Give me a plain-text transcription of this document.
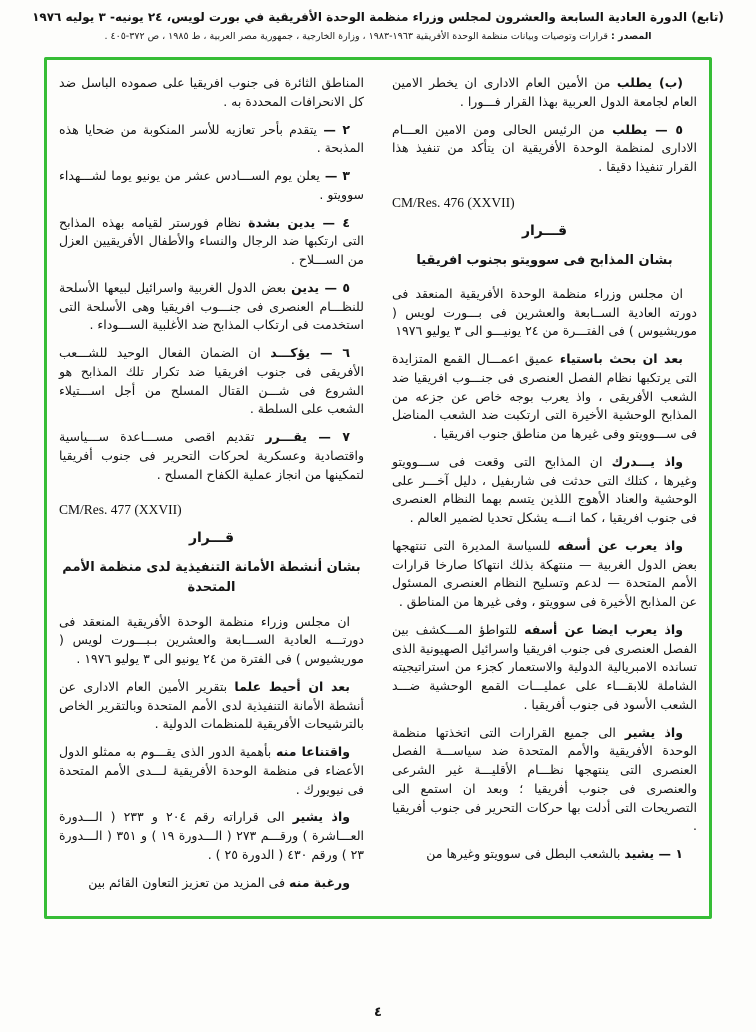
(تابع) الدورة العادية السابعة والعشرون لمجلس وزراء منظمة الوحدة الأفريقية في بورت لويس، ٢٤ يونيه- ٣ يوليه ١٩٧٦
المصدر : قرارات وتوصيات وبيانات منظمة الوحدة الأفريقية ١٩٦٣-١٩٨٣ ، وزارة الخارجية ، جمهورية مصر العربية ، ط ١٩٨٥ ، ص ٣٧٢-٤٠٥ .

(ب) يطلب من الأمين العام الادارى ان يخطر الامين العام لجامعة الدول العربية بهذا القرار فـــورا .

٥ — يطلب من الرئيس الحالى ومن الامين العـــام الادارى لمنظمة الوحدة الأفريقية ان يتأكد من تنفيذ هذا القرار تنفيذا دقيقا .

CM/Res. 476 (XXVII)
قـــرار
بشان المذابح فى سوويتو بجنوب افريقيا

ان مجلس وزراء منظمة الوحدة الأفريقية المنعقد فى دورته العادية الســابعة والعشرين فى بـــورت لويس ( موريشيوس ) فى الفتـــرة من ٢٤ يونيـــو الى ٣ يوليو ١٩٧٦

بعد ان بحث باستياء عميق اعمـــال القمع المتزايدة التى يرتكبها نظام الفصل العنصرى فى جنـــوب افريقيا ضد الشعب الأفريقى ، واذ يعرب بوجه خاص عن جزعه من المذابح الوحشية الأخيرة التى ارتكبت ضد الشعب المناضل فى ســـوويتو وفى غيرها من مناطق جنوب افريقيا .

واذ يـــدرك ان المذابح التى وقعت فى ســـوويتو وغيرها ، كتلك التى حدثت فى شاربفيل ، دليل آخـــر على الوحشية والعناد الأهوج اللذين يتسم بهما النظام العنصرى فى جنوب افريقيا ، كما انـــه يشكل تحديا لضمير العالم .

واذ يعرب عن أسفه للسياسة المديرة التى تنتهجها بعض الدول الغربية — منتهكة بذلك انتهاكا صارخا قرارات الأمم المتحدة — لدعم وتسليح النظام العنصرى المسئول عن المذابح الأخيرة فى سوويتو ، وفى غيرها من المناطق .

واذ يعرب ايضا عن أسفه للتواطؤ المـــكشف بين الفصل العنصرى فى جنوب افريقيا واسرائيل الصهيونية الذى تسانده الامبريالية الدولية والاستعمار كجزء من استراتيجيته الشاملة للابقـــاء على عمليـــات القمع الوحشية ضـــد الشعب الأسود فى جنوب أفريقيا .

واذ يشير الى جميع القرارات التى اتخذتها منظمة الوحدة الأفريقية والأمم المتحدة ضد سياســـة الفصل العنصرى التى ينتهجها نظـــام الأقليـــة غير الشرعى والعنصرى فى جنوب أفريقيا ؛ وبعد ان استمع الى التصريحات التى أدلت بها حركات التحرير فى جنوب أفريقيا .

١ — يشيد بالشعب البطل فى سوويتو وغيرها من

المناطق الثائرة فى جنوب افريقيا على صموده الباسل ضد كل الانحرافات المحددة به .

٢ — يتقدم بأحر تعازيه للأسر المنكوبة من ضحايا هذه المذبحة .

٣ — يعلن يوم الســـادس عشر من يونيو يوما لشـــهداء سوويتو .

٤ — يدين بشدة نظام فورستر لقيامه بهذه المذابح التى ارتكبها ضد الرجال والنساء والأطفال الأفريقيين العزل من الســـلاح .

٥ — يدين بعض الدول الغربية واسرائيل لبيعها الأسلحة للنظـــام العنصرى فى جنـــوب افريقيا وهى الأسلحة التى استخدمت فى ارتكاب المذابح ضد الأغلبية الســـوداء .

٦ — يؤكـــد ان الضمان الفعال الوحيد للشـــعب الأفريقى فى جنوب افريقيا ضد تكرار تلك المذابح هو الشروع فى شـــن القتال المسلح من أجل اســـتيلاء الشعب على السلطة .

٧ — يقـــرر تقديم اقصى مســـاعدة ســـياسية واقتصادية وعسكرية لحركات التحرير فى جنوب أفريقيا لتمكينها من انجاز عملية الكفاح المسلح .

CM/Res. 477 (XXVII)
قـــرار
بشان أنشطة الأمانة التنفيذية لدى منظمة الأمم المتحدة

ان مجلس وزراء منظمة الوحدة الأفريقية المنعقد فى دورتـــه العادية الســـابعة والعشرين بـبـــورت لويس ( موريشيوس ) فى الفترة من ٢٤ يونيو الى ٣ يوليو ١٩٧٦ .

بعد ان أحيط علما بتقرير الأمين العام الادارى عن أنشطة الأمانة التنفيذية لدى الأمم المتحدة وبالتقرير الخاص بالترشيحات الأفريقية للمنظمات الدولية .

واقتناعا منه بأهمية الدور الذى يقـــوم به ممثلو الدول الأعضاء فى منظمة الوحدة الأفريقية لـــدى الأمم المتحدة فى نيويورك .

واذ يشير الى قراراته رقم ٢٠٤ و ٢٣٣ ( الـــدورة العـــاشرة ) ورقـــم ٢٧٣ ( الـــدورة ١٩ ) و ٣٥١ ( الـــدورة ٢٣ ) ورقم ٤٣٠ ( الدورة ٢٥ ) .

ورغبة منه فى المزيد من تعزيز التعاون القائم بين

٤
